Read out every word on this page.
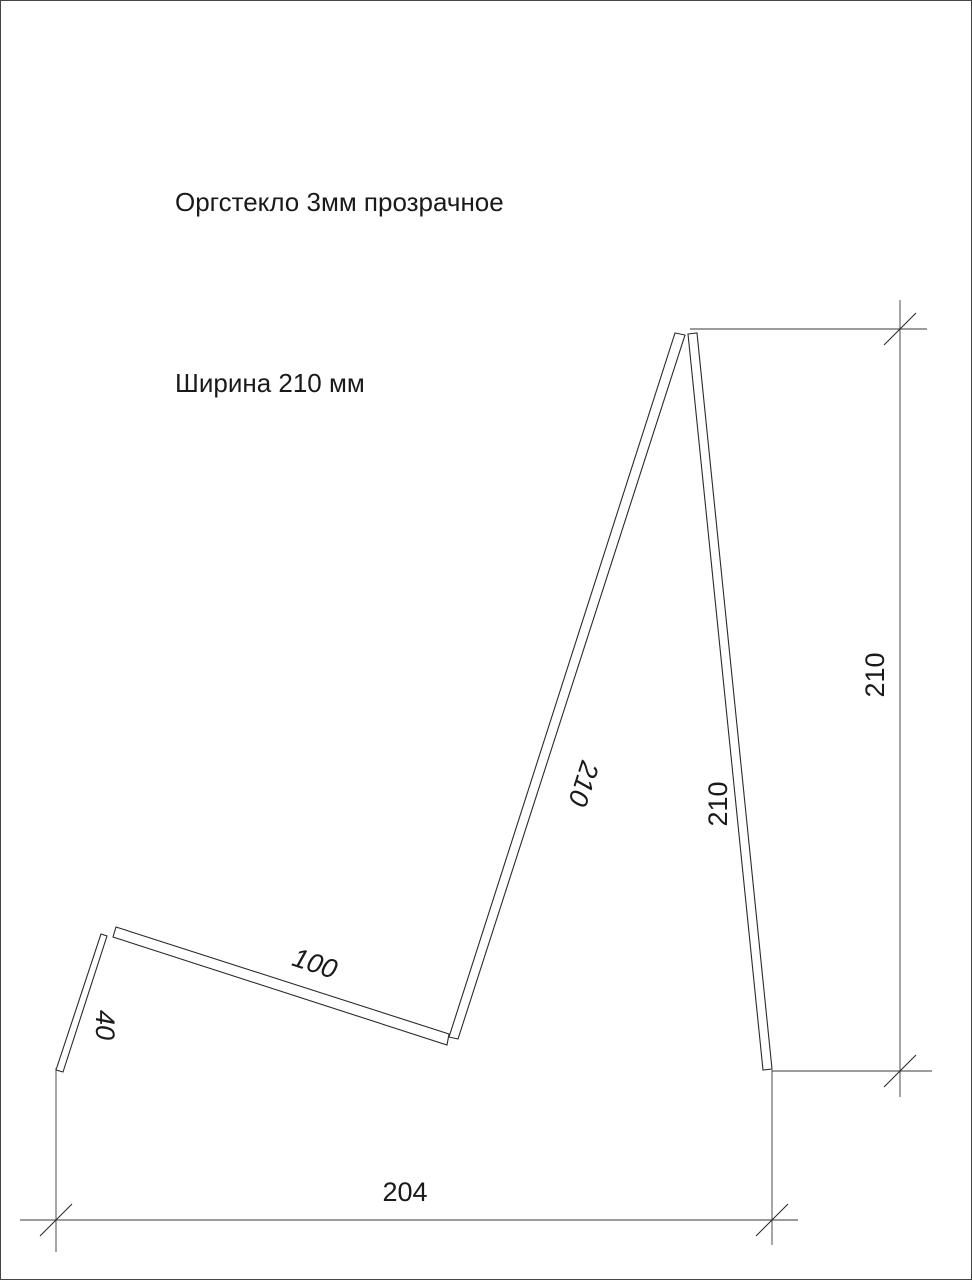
Оргстекло 3мм прозрачное
Ширина 210 мм
204
210
100
40
210	210
